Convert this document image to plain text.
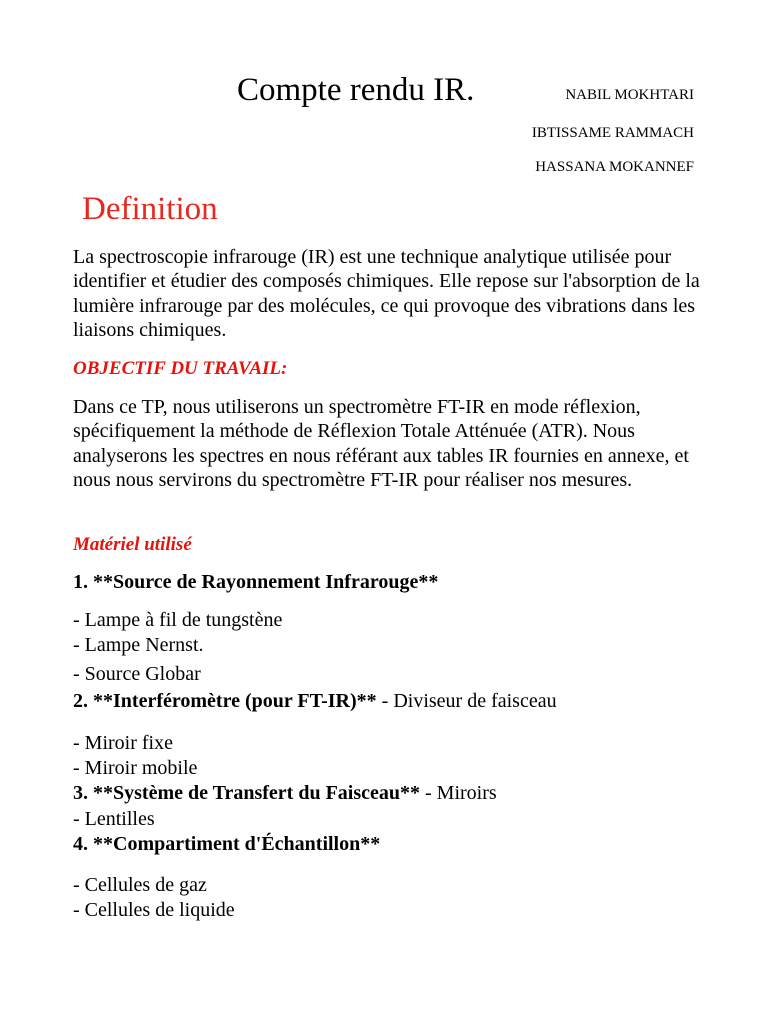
Compte rendu IR.	NABIL MOKHTARI
IBTISSAME RAMMACH
HASSANA MOKANNEF
Definition
La spectroscopie infrarouge (IR) est une technique analytique utilisée pour identifier et étudier des composés chimiques. Elle repose sur l'absorption de la lumière infrarouge par des molécules, ce qui provoque des vibrations dans les liaisons chimiques.
OBJECTIF DU TRAVAIL:
Dans ce TP, nous utiliserons un spectromètre FT-IR en mode réflexion, spécifiquement la méthode de Réflexion Totale Atténuée (ATR). Nous analyserons les spectres en nous référant aux tables IR fournies en annexe, et nous nous servirons du spectromètre FT-IR pour réaliser nos mesures.
Matériel utilisé
1. **Source de Rayonnement Infrarouge**
- Lampe à fil de tungstène
- Lampe Nernst.
- Source Globar
2. **Interféromètre (pour FT-IR)** - Diviseur de faisceau
- Miroir fixe
- Miroir mobile
3. **Système de Transfert du Faisceau** - Miroirs
- Lentilles
4. **Compartiment d'Échantillon**
- Cellules de gaz
- Cellules de liquide
